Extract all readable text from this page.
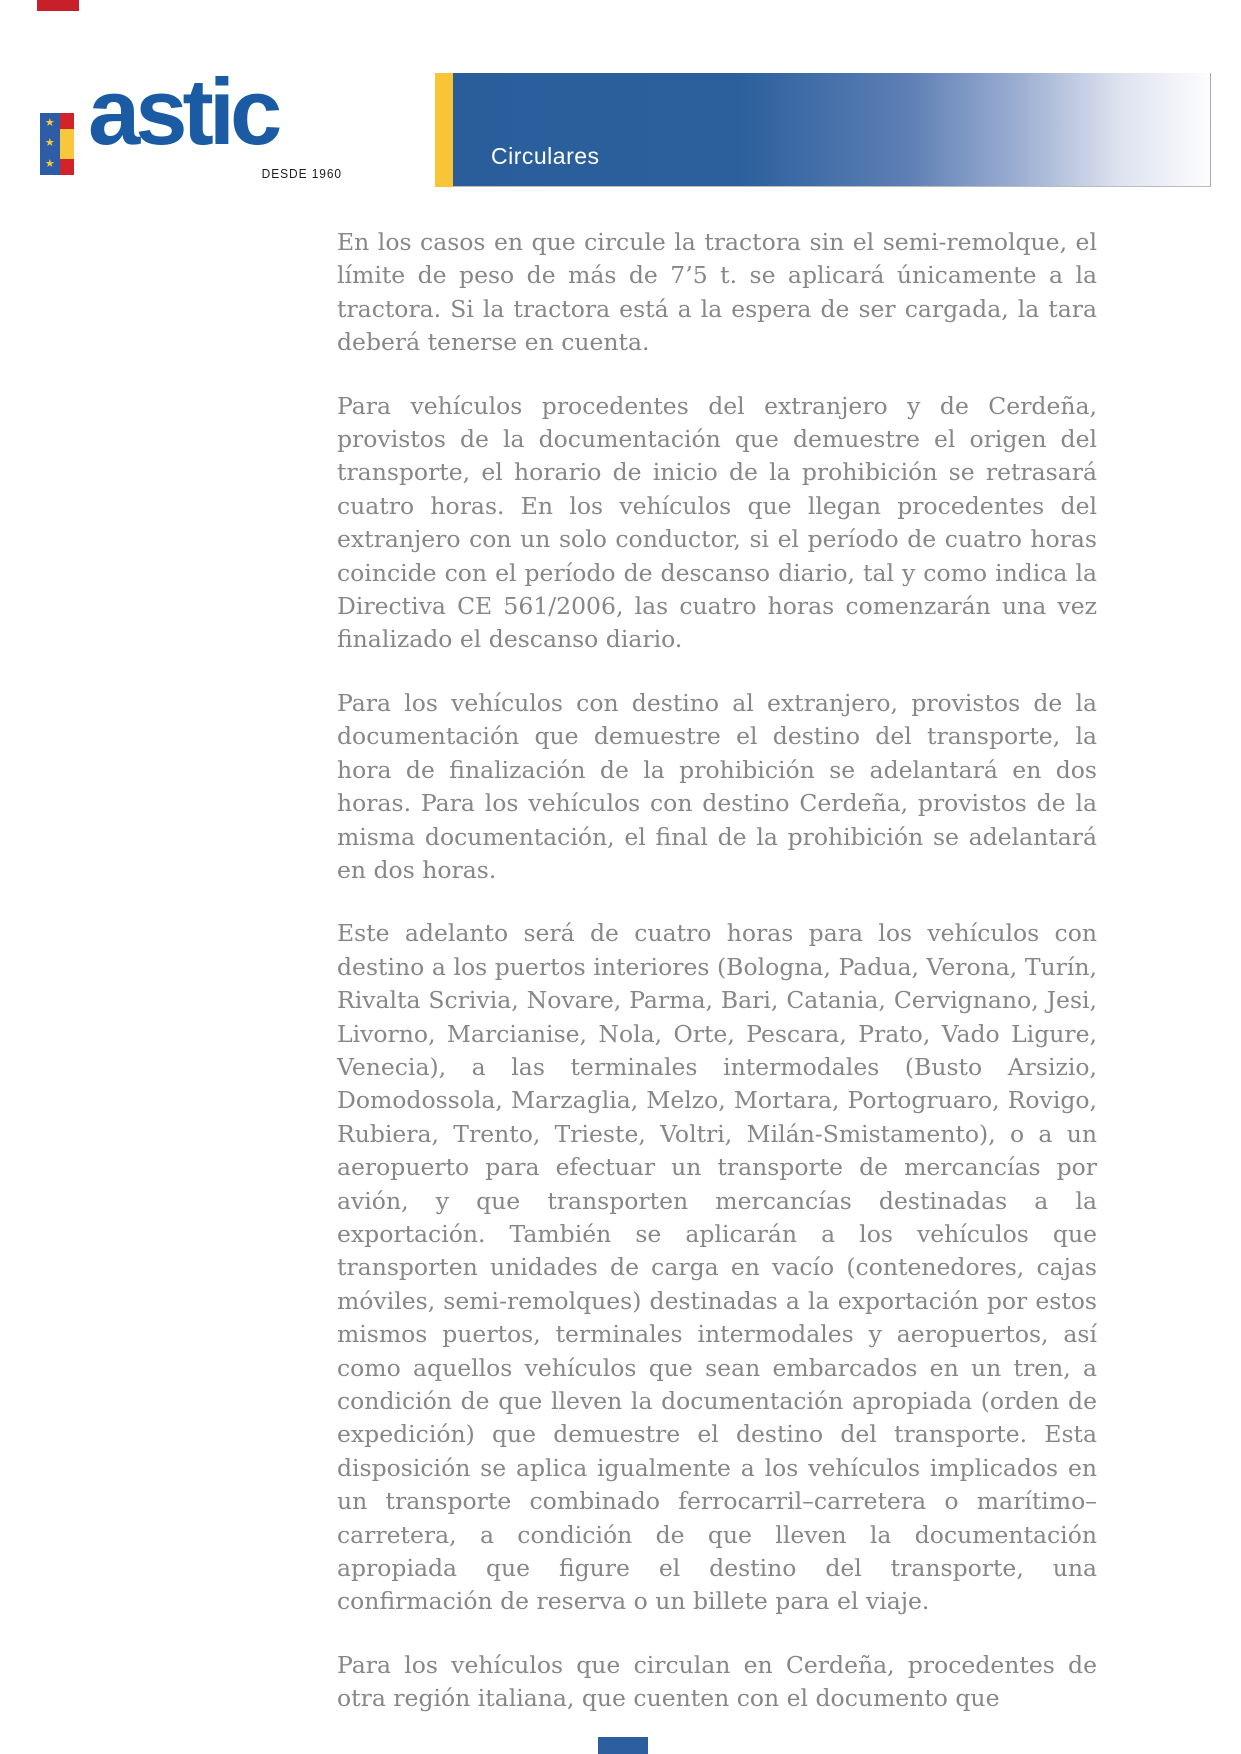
★
★
★
astic
DESDE 1960
Circulares

En los casos en que circule la tractora sin el semi-remolque, el límite de peso de más de 7’5 t. se aplicará únicamente a la tractora. Si la tractora está a la espera de ser cargada, la tara deberá tenerse en cuenta.

Para vehículos procedentes del extranjero y de Cerdeña, provistos de la documentación que demuestre el origen del transporte, el horario de inicio de la prohibición se retrasará cuatro horas. En los vehículos que llegan procedentes del extranjero con un solo conductor, si el período de cuatro horas coincide con el período de descanso diario, tal y como indica la Directiva CE 561/2006, las cuatro horas comenzarán una vez finalizado el descanso diario.

Para los vehículos con destino al extranjero, provistos de la documentación que demuestre el destino del transporte, la hora de finalización de la prohibición se adelantará en dos horas. Para los vehículos con destino Cerdeña, provistos de la misma documentación, el final de la prohibición se adelantará en dos horas.

Este adelanto será de cuatro horas para los vehículos con destino a los puertos interiores (Bologna, Padua, Verona, Turín, Rivalta Scrivia, Novare, Parma, Bari, Catania, Cervignano, Jesi, Livorno, Marcianise, Nola, Orte, Pescara, Prato, Vado Ligure, Venecia), a las terminales intermodales (Busto Arsizio, Domodossola, Marzaglia, Melzo, Mortara, Portogruaro, Rovigo, Rubiera, Trento, Trieste, Voltri, Milán-Smistamento), o a un aeropuerto para efectuar un transporte de mercancías por avión, y que transporten mercancías destinadas a la exportación. También se aplicarán a los vehículos que transporten unidades de carga en vacío (contenedores, cajas móviles, semi-remolques) destinadas a la exportación por estos mismos puertos, terminales intermodales y aeropuertos, así como aquellos vehículos que sean embarcados en un tren, a condición de que lleven la documentación apropiada (orden de expedición) que demuestre el destino del transporte. Esta disposición se aplica igualmente a los vehículos implicados en un transporte combinado ferrocarril–carretera o marítimo–carretera, a condición de que lleven la documentación apropiada que figure el destino del transporte, una confirmación de reserva o un billete para el viaje.

Para los vehículos que circulan en Cerdeña, procedentes de otra región italiana, que cuenten con el documento que
